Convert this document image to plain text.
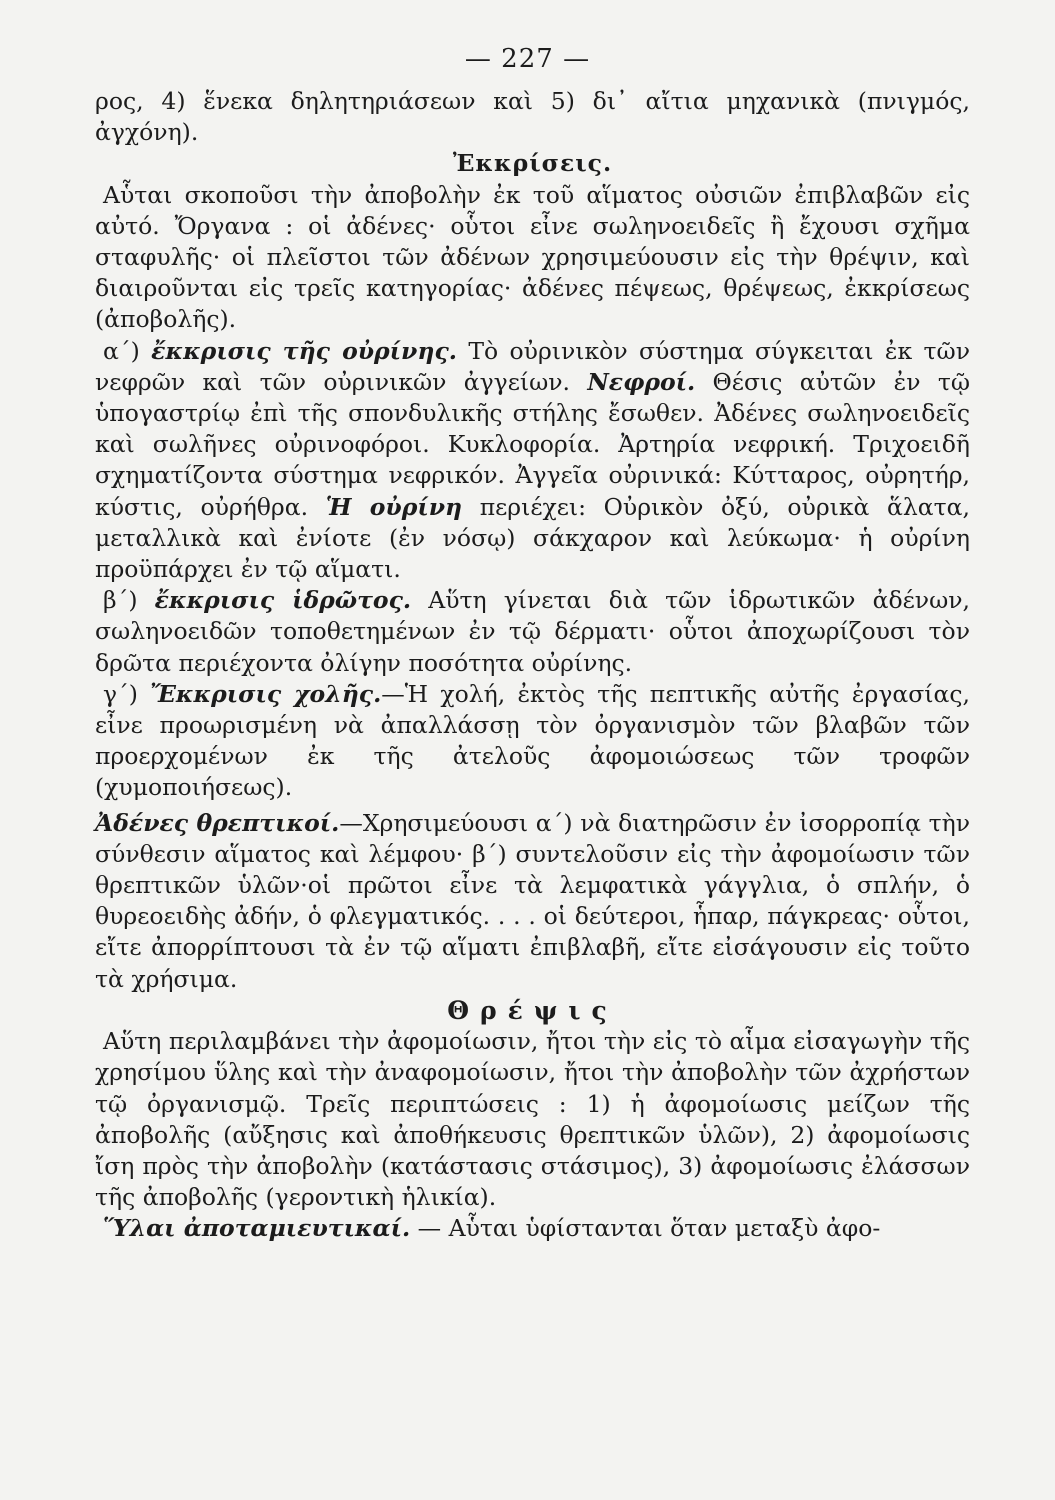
— 227 —

ρος, 4) ἕνεκα δηλητηριάσεων καὶ 5) δι᾽ αἴτια μηχανικὰ (πνιγμός, ἀγχόνη).

Ἐκκρίσεις.

Αὗται σκοποῦσι τὴν ἀποβολὴν ἐκ τοῦ αἵματος οὐσιῶν ἐπιβλαβῶν εἰς αὐτό. Ὄργανα : οἱ ἀδένες· οὗτοι εἶνε σωληνοειδεῖς ἢ ἔχουσι σχῆμα σταφυλῆς· οἱ πλεῖστοι τῶν ἀδένων χρησιμεύουσιν εἰς τὴν θρέψιν, καὶ διαιροῦνται εἰς τρεῖς κατηγορίας· ἀδένες πέψεως, θρέψεως, ἐκκρίσεως (ἀποβολῆς).

α´) ἔκκρισις τῆς οὐρίνης. Τὸ οὐρινικὸν σύστημα σύγκειται ἐκ τῶν νεφρῶν καὶ τῶν οὐρινικῶν ἀγγείων. Νεφροί. Θέσις αὐτῶν ἐν τῷ ὑπογαστρίῳ ἐπὶ τῆς σπονδυλικῆς στήλης ἔσωθεν. Ἀδένες σωληνοειδεῖς καὶ σωλῆνες οὐρινοφόροι. Κυκλοφορία. Ἀρτηρία νεφρική. Τριχοειδῆ σχηματίζοντα σύστημα νεφρικόν. Ἀγγεῖα οὐρινικά: Κύτταρος, οὐρητήρ, κύστις, οὐρήθρα. Ἡ οὐρίνη περιέχει: Οὐρικὸν ὀξύ, οὐρικὰ ἅλατα, μεταλλικὰ καὶ ἐνίοτε (ἐν νόσῳ) σάκχαρον καὶ λεύκωμα· ἡ οὐρίνη προϋπάρχει ἐν τῷ αἵματι.

β´) ἔκκρισις ἱδρῶτος. Αὕτη γίνεται διὰ τῶν ἱδρωτικῶν ἀδένων, σωληνοειδῶν τοποθετημένων ἐν τῷ δέρματι· οὗτοι ἀποχωρίζουσι τὸν δρῶτα περιέχοντα ὀλίγην ποσότητα οὐρίνης.

γ´) Ἔκκρισις χολῆς.—Ἡ χολή, ἐκτὸς τῆς πεπτικῆς αὐτῆς ἐργασίας, εἶνε προωρισμένη νὰ ἀπαλλάσσῃ τὸν ὀργανισμὸν τῶν βλαβῶν τῶν προερχομένων ἐκ τῆς ἀτελοῦς ἀφομοιώσεως τῶν τροφῶν (χυμοποιήσεως).

Ἀδένες θρεπτικοί.—Χρησιμεύουσι α´) νὰ διατηρῶσιν ἐν ἰσορροπίᾳ τὴν σύνθεσιν αἵματος καὶ λέμφου· β´) συντελοῦσιν εἰς τὴν ἀφομοίωσιν τῶν θρεπτικῶν ὑλῶν·οἱ πρῶτοι εἶνε τὰ λεμφατικὰ γάγγλια, ὁ σπλήν, ὁ θυρεοειδὴς ἀδήν, ὁ φλεγματικός. . . . οἱ δεύτεροι, ἧπαρ, πάγκρεας· οὗτοι, εἴτε ἀπορρίπτουσι τὰ ἐν τῷ αἵματι ἐπιβλαβῆ, εἴτε εἰσάγουσιν εἰς τοῦτο τὰ χρήσιμα.

Θρέψις

Αὕτη περιλαμβάνει τὴν ἀφομοίωσιν, ἤτοι τὴν εἰς τὸ αἷμα εἰσαγωγὴν τῆς χρησίμου ὕλης καὶ τὴν ἀναφομοίωσιν, ἤτοι τὴν ἀποβολὴν τῶν ἀχρήστων τῷ ὀργανισμῷ. Τρεῖς περιπτώσεις : 1) ἡ ἀφομοίωσις μείζων τῆς ἀποβολῆς (αὔξησις καὶ ἀποθήκευσις θρεπτικῶν ὑλῶν), 2) ἀφομοίωσις ἴση πρὸς τὴν ἀποβολὴν (κατάστασις στάσιμος), 3) ἀφομοίωσις ἐλάσσων τῆς ἀποβολῆς (γεροντικὴ ἡλικία).

Ὕλαι ἀποταμιευτικαί. — Αὗται ὑφίστανται ὅταν μεταξὺ ἀφο-
